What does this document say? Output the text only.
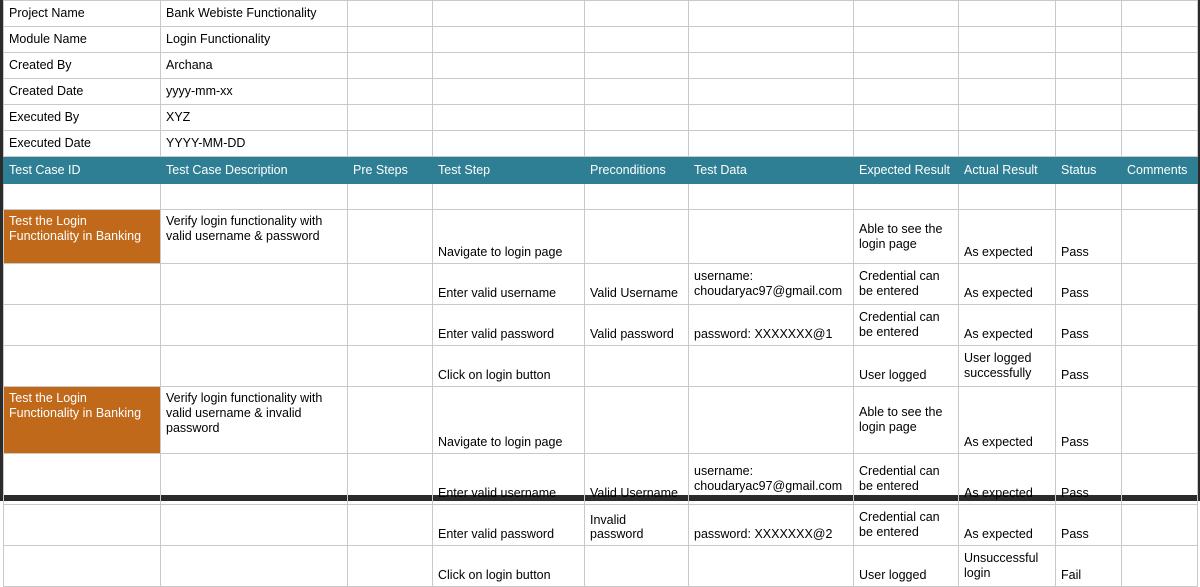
Project Name	Bank Webiste Functionality								
Module Name	Login Functionality								
Created By	Archana								
Created Date	yyyy-mm-xx								
Executed By	XYZ								
Executed Date	YYYY-MM-DD								
Test Case ID	Test Case Description	Pre Steps	Test Step	Preconditions	Test Data	Expected Result	Actual Result	Status	Comments

Test the Login Functionality in Banking	Verify login functionality with valid username & password		Navigate to login page			Able to see the login page	As expected	Pass	
			Enter valid username	Valid Username	username: choudaryac97@gmail.com	Credential can be entered	As expected	Pass	
			Enter valid password	Valid password	password: XXXXXXX@1	Credential can be entered	As expected	Pass	
			Click on login button			User logged	User logged successfully	Pass	
Test the Login Functionality in Banking	Verify login functionality with valid username & invalid password		Navigate to login page			Able to see the login page	As expected	Pass	
			Enter valid username	Valid Username	username: choudaryac97@gmail.com	Credential can be entered	As expected	Pass	
			Enter valid password	Invalid password	password: XXXXXXX@2	Credential can be entered	As expected	Pass	
			Click on login button			User logged	Unsuccessful login	Fail	
